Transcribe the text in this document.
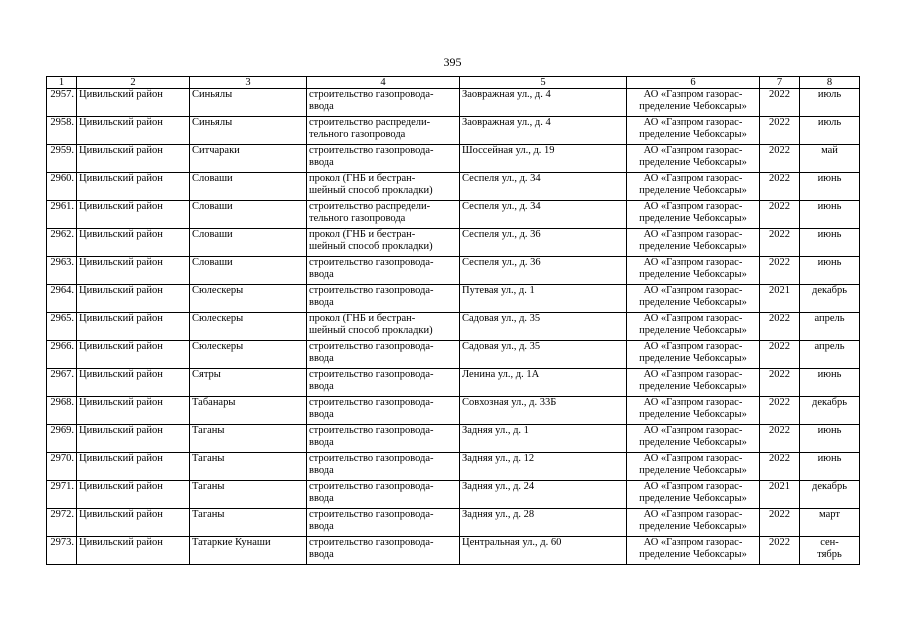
395
1	2	3	4	5	6	7	8
2957.	Цивильский район	Синьялы	строительство газопровода-
ввода	Заовражная ул., д. 4	АО «Газпром газорас-
пределение Чебоксары»	2022	июль

2958.	Цивильский район	Синьялы	строительство распредели-
тельного газопровода	Заовражная ул., д. 4	АО «Газпром газорас-
пределение Чебоксары»	2022	июль

2959.	Цивильский район	Ситчараки	строительство газопровода-
ввода	Шоссейная ул., д. 19	АО «Газпром газорас-
пределение Чебоксары»	2022	май

2960.	Цивильский район	Словаши	прокол (ГНБ и бестран-
шейный способ прокладки)	Сеспеля ул., д. 34	АО «Газпром газорас-
пределение Чебоксары»	2022	июнь

2961.	Цивильский район	Словаши	строительство распредели-
тельного газопровода	Сеспеля ул., д. 34	АО «Газпром газорас-
пределение Чебоксары»	2022	июнь

2962.	Цивильский район	Словаши	прокол (ГНБ и бестран-
шейный способ прокладки)	Сеспеля ул., д. 36	АО «Газпром газорас-
пределение Чебоксары»	2022	июнь

2963.	Цивильский район	Словаши	строительство газопровода-
ввода	Сеспеля ул., д. 36	АО «Газпром газорас-
пределение Чебоксары»	2022	июнь

2964.	Цивильский район	Сюлескеры	строительство газопровода-
ввода	Путевая ул., д. 1	АО «Газпром газорас-
пределение Чебоксары»	2021	декабрь

2965.	Цивильский район	Сюлескеры	прокол (ГНБ и бестран-
шейный способ прокладки)	Садовая ул., д. 35	АО «Газпром газорас-
пределение Чебоксары»	2022	апрель

2966.	Цивильский район	Сюлескеры	строительство газопровода-
ввода	Садовая ул., д. 35	АО «Газпром газорас-
пределение Чебоксары»	2022	апрель

2967.	Цивильский район	Сятры	строительство газопровода-
ввода	Ленина ул., д. 1А	АО «Газпром газорас-
пределение Чебоксары»	2022	июнь

2968.	Цивильский район	Табанары	строительство газопровода-
ввода	Совхозная ул., д. 33Б	АО «Газпром газорас-
пределение Чебоксары»	2022	декабрь

2969.	Цивильский район	Таганы	строительство газопровода-
ввода	Задняя ул., д. 1	АО «Газпром газорас-
пределение Чебоксары»	2022	июнь

2970.	Цивильский район	Таганы	строительство газопровода-
ввода	Задняя ул., д. 12	АО «Газпром газорас-
пределение Чебоксары»	2022	июнь

2971.	Цивильский район	Таганы	строительство газопровода-
ввода	Задняя ул., д. 24	АО «Газпром газорас-
пределение Чебоксары»	2021	декабрь

2972.	Цивильский район	Таганы	строительство газопровода-
ввода	Задняя ул., д. 28	АО «Газпром газорас-
пределение Чебоксары»	2022	март

2973.	Цивильский район	Татаркие Кунаши	строительство газопровода-
ввода	Центральная ул., д. 60	АО «Газпром газорас-
пределение Чебоксары»	2022	сен-
тябрь
